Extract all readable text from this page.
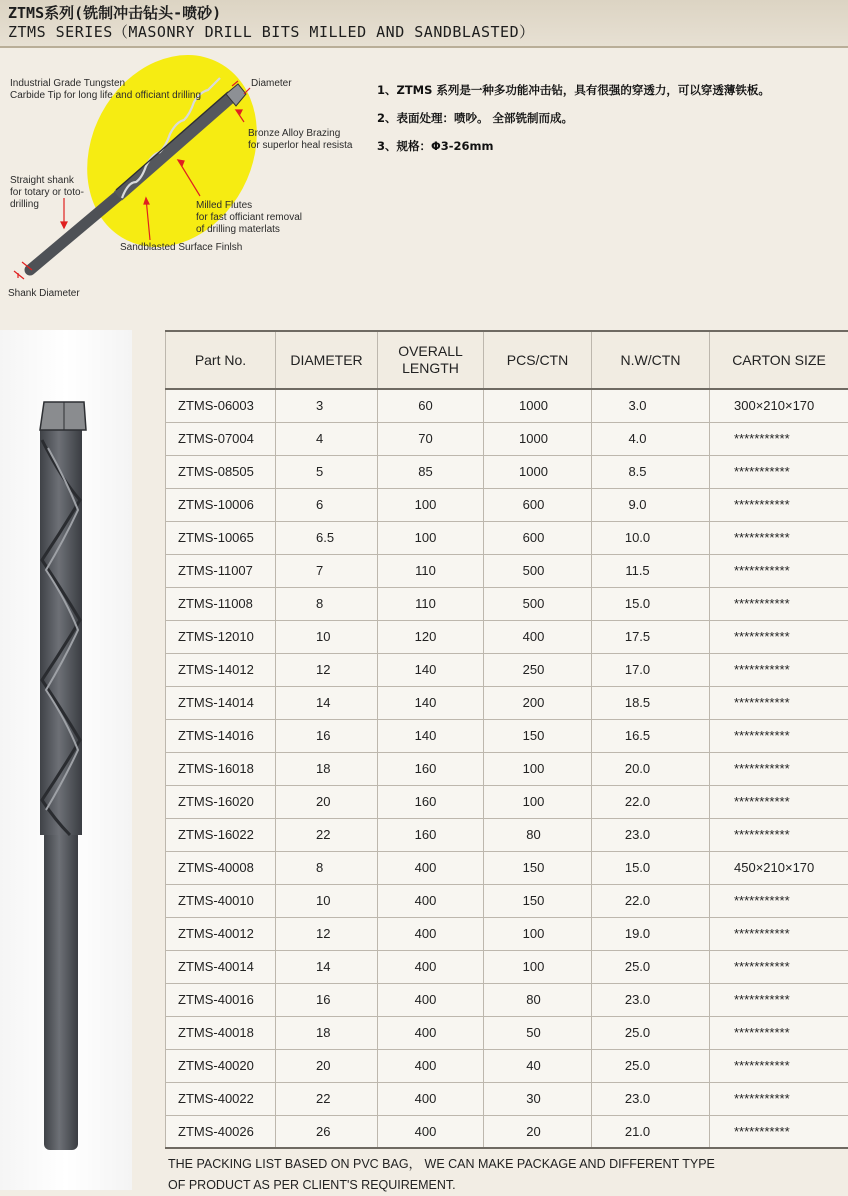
ZTMS系列(铣制冲击钻头-喷砂)
ZTMS SERIES（MASONRY DRILL BITS MILLED AND SANDBLASTED）
Industrial Grade Tungsten
Carbide Tip for long life and officiant drilling
Diameter
Bronze Alloy Brazing
for superlor heal resista
Straight shank
for totary or toto-
drilling	Milled Flutes
for fast officiant removal
of drilling materlats
Sandblasted Surface Finlsh
Shank Diameter
1、ZTMS 系列是一种多功能冲击钻，具有很强的穿透力，可以穿透薄铁板。
2、表面处理：喷吵。 全部铣制而成。
3、规格：Φ3-26mm
Part No.	DIAMETER	OVERALL
LENGTH	PCS/CTN	N.W/CTN	CARTON SIZE
ZTMS-06003	3	60	1000	3.0	300×210×170
ZTMS-07004	4	70	1000	4.0	***********
ZTMS-08505	5	85	1000	8.5	***********
ZTMS-10006	6	100	600	9.0	***********
ZTMS-10065	6.5	100	600	10.0	***********
ZTMS-11007	7	110	500	11.5	***********
ZTMS-11008	8	110	500	15.0	***********
ZTMS-12010	10	120	400	17.5	***********
ZTMS-14012	12	140	250	17.0	***********
ZTMS-14014	14	140	200	18.5	***********
ZTMS-14016	16	140	150	16.5	***********
ZTMS-16018	18	160	100	20.0	***********
ZTMS-16020	20	160	100	22.0	***********
ZTMS-16022	22	160	80	23.0	***********
ZTMS-40008	8	400	150	15.0	450×210×170
ZTMS-40010	10	400	150	22.0	***********
ZTMS-40012	12	400	100	19.0	***********
ZTMS-40014	14	400	100	25.0	***********
ZTMS-40016	16	400	80	23.0	***********
ZTMS-40018	18	400	50	25.0	***********
ZTMS-40020	20	400	40	25.0	***********
ZTMS-40022	22	400	30	23.0	***********
ZTMS-40026	26	400	20	21.0	***********
THE PACKING LIST BASED ON PVC BAG， WE CAN MAKE PACKAGE AND DIFFERENT TYPE
OF PRODUCT AS PER CLIENT'S REQUIREMENT.
